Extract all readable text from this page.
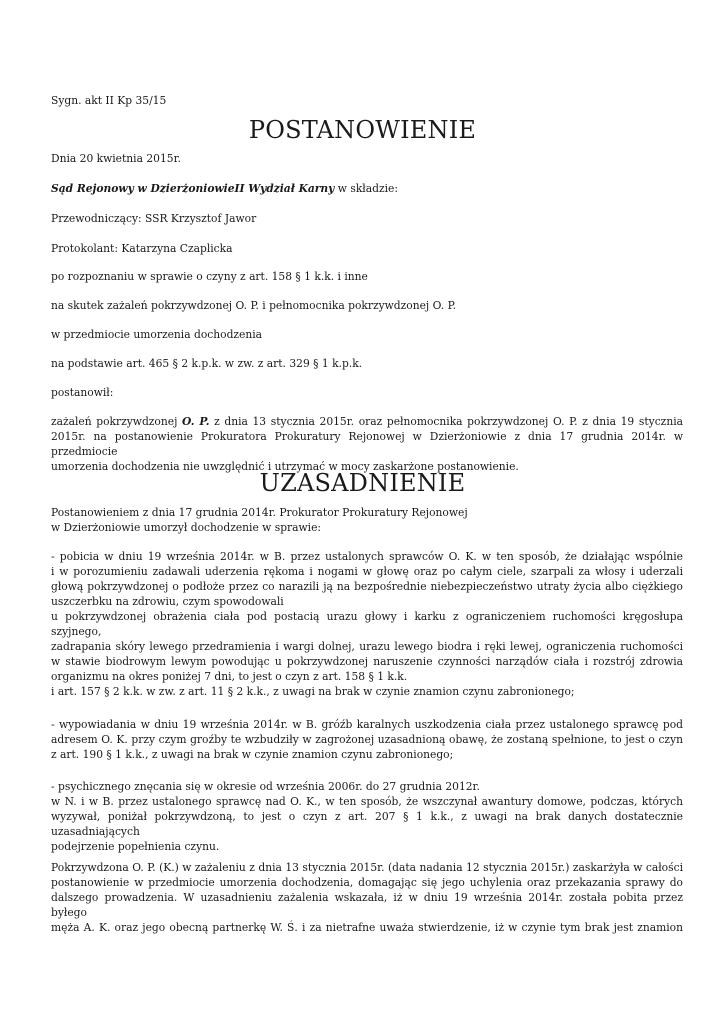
Sygn. akt II Kp 35/15

POSTANOWIENIE

Dnia 20 kwietnia 2015r.

Sąd Rejonowy w DzierżoniowieII Wydział Karny w składzie:

Przewodniczący: SSR Krzysztof Jawor

Protokolant: Katarzyna Czaplicka

po rozpoznaniu w sprawie o czyny z art. 158 § 1 k.k. i inne

na skutek zażaleń pokrzywdzonej O. P. i pełnomocnika pokrzywdzonej O. P.

w przedmiocie umorzenia dochodzenia

na podstawie art. 465 § 2 k.p.k. w zw. z art. 329 § 1 k.p.k.

postanowił:

zażaleń pokrzywdzonej O. P. z dnia 13 stycznia 2015r. oraz pełnomocnika pokrzywdzonej O. P. z dnia 19 stycznia
2015r. na postanowienie Prokuratora Prokuratury Rejonowej w Dzierżoniowie z dnia 17 grudnia 2014r. w przedmiocie
umorzenia dochodzenia nie uwzględnić i utrzymać w mocy zaskarżone postanowienie.
UZASADNIENIE
Postanowieniem z dnia 17 grudnia 2014r. Prokurator Prokuratury Rejonowej
w Dzierżoniowie umorzył dochodzenie w sprawie:
- pobicia w dniu 19 września 2014r. w B. przez ustalonych sprawców O. K. w ten sposób, że działając wspólnie
i w porozumieniu zadawali uderzenia rękoma i nogami w głowę oraz po całym ciele, szarpali za włosy i uderzali
głową pokrzywdzonej o podłoże przez co narazili ją na bezpośrednie niebezpieczeństwo utraty życia albo ciężkiego
uszczerbku na zdrowiu, czym spowodowali
u pokrzywdzonej obrażenia ciała pod postacią urazu głowy i karku z ograniczeniem ruchomości kręgosłupa szyjnego,
zadrapania skóry lewego przedramienia i wargi dolnej, urazu lewego biodra i ręki lewej, ograniczenia ruchomości
w stawie biodrowym lewym powodując u pokrzywdzonej naruszenie czynności narządów ciała i rozstrój zdrowia
organizmu na okres poniżej 7 dni, to jest o czyn z art. 158 § 1 k.k.
i art. 157 § 2 k.k. w zw. z art. 11 § 2 k.k., z uwagi na brak w czynie znamion czynu zabronionego;
- wypowiadania w dniu 19 września 2014r. w B. gróźb karalnych uszkodzenia ciała przez ustalonego sprawcę pod
adresem O. K. przy czym groźby te wzbudziły w zagrożonej uzasadnioną obawę, że zostaną spełnione, to jest o czyn
z art. 190 § 1 k.k., z uwagi na brak w czynie znamion czynu zabronionego;
- psychicznego znęcania się w okresie od września 2006r. do 27 grudnia 2012r.
w N. i w B. przez ustalonego sprawcę nad O. K., w ten sposób, że wszczynał awantury domowe, podczas, których
wyzywał, poniżał pokrzywdzoną, to jest o czyn z art. 207 § 1 k.k., z uwagi na brak danych dostatecznie uzasadniających
podejrzenie popełnienia czynu.
Pokrzywdzona O. P. (K.) w zażaleniu z dnia 13 stycznia 2015r. (data nadania 12 stycznia 2015r.) zaskarżyła w całości
postanowienie w przedmiocie umorzenia dochodzenia, domagając się jego uchylenia oraz przekazania sprawy do
dalszego prowadzenia. W uzasadnieniu zażalenia wskazała, iż w dniu 19 września 2014r. została pobita przez byłego
męża A. K. oraz jego obecną partnerkę W. Ś. i za nietrafne uważa stwierdzenie, iż w czynie tym brak jest znamion
